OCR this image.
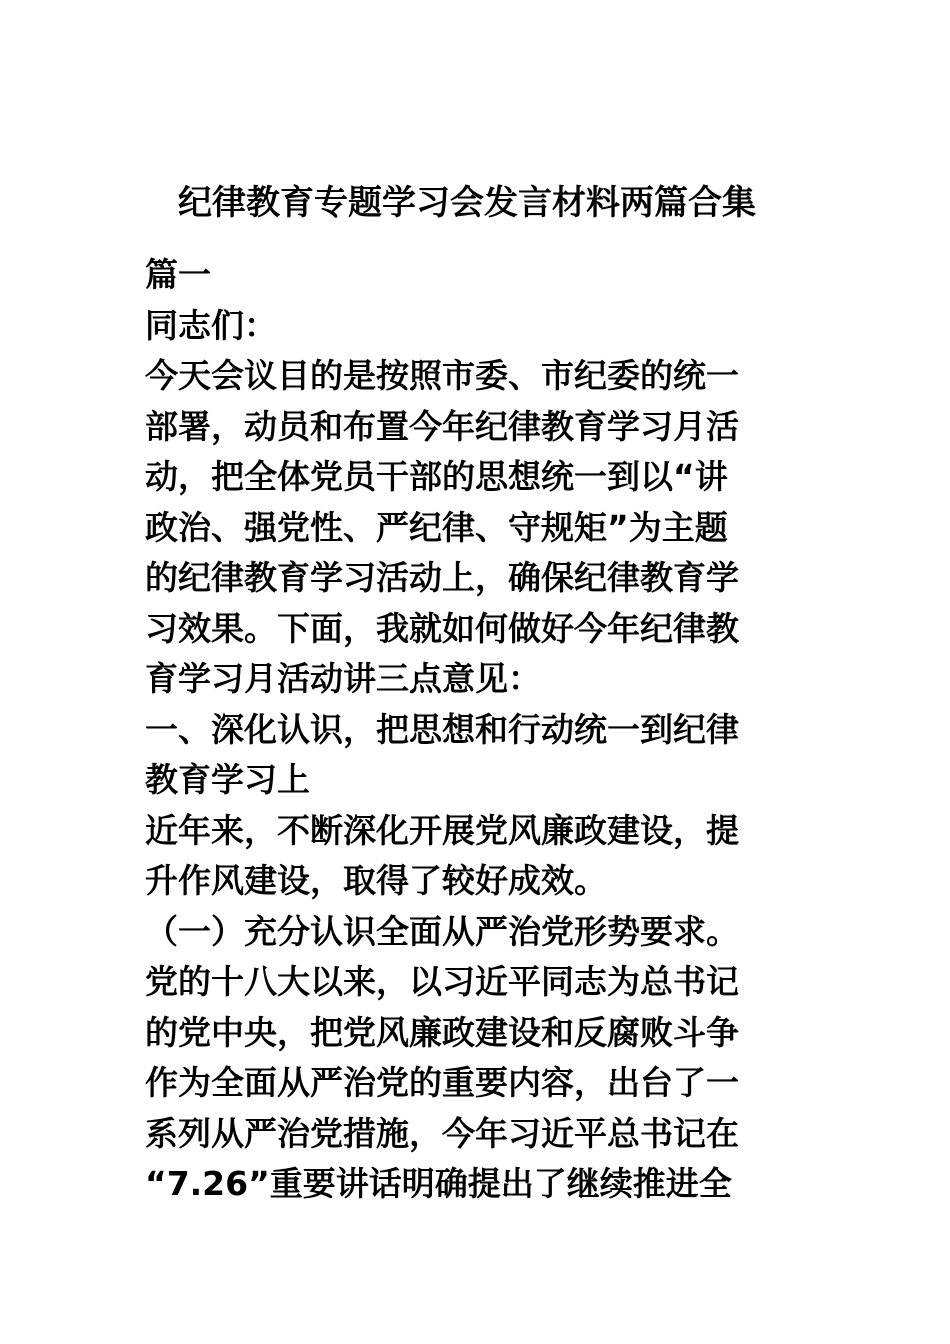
纪律教育专题学习会发言材料两篇合集
篇一
同志们：
今天会议目的是按照市委、市纪委的统一
部署，动员和布置今年纪律教育学习月活
动，把全体党员干部的思想统一到以“讲
政治、强党性、严纪律、守规矩”为主题
的纪律教育学习活动上，确保纪律教育学
习效果。下面，我就如何做好今年纪律教
育学习月活动讲三点意见：
一、深化认识，把思想和行动统一到纪律
教育学习上
近年来，不断深化开展党风廉政建设，提
升作风建设，取得了较好成效。
（一）充分认识全面从严治党形势要求。
党的十八大以来，以习近平同志为总书记
的党中央，把党风廉政建设和反腐败斗争
作为全面从严治党的重要内容，出台了一
系列从严治党措施，今年习近平总书记在
“7.26”重要讲话明确提出了继续推进全
